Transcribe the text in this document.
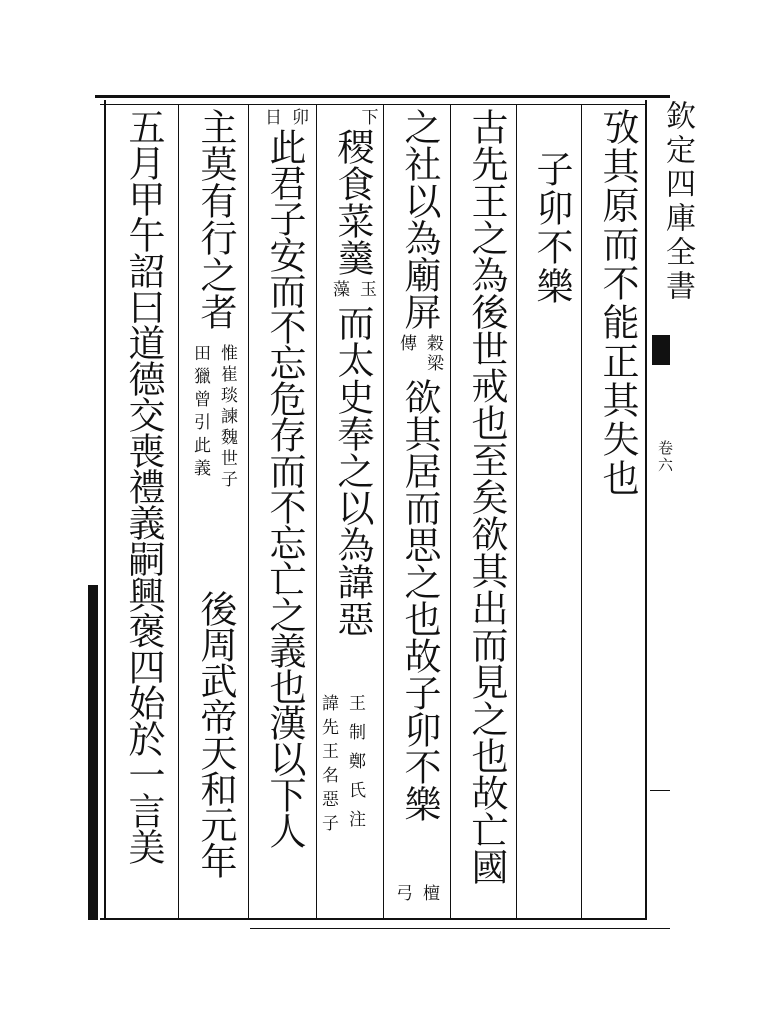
欽定四庫全書
卷六
攷其原而不能正其失也
子卯不樂
古先王之為後世戒也至矣欲其出而見之也故亡國
之社以為廟屏
穀梁
傳
欲其居而思之也故子卯不樂
檀
弓
下
稷食菜羹
玉
藻
而太史奉之以為諱惡
王制鄭氏注
諱先王名惡子
卯
日
此君子安而不忘危存而不忘亡之義也漢以下人
主莫有行之者
惟崔琰諫魏世子
田獵曾引此義
後周武帝天和元年
五月甲午詔曰道德交喪禮義嗣興褒四始於一言美
